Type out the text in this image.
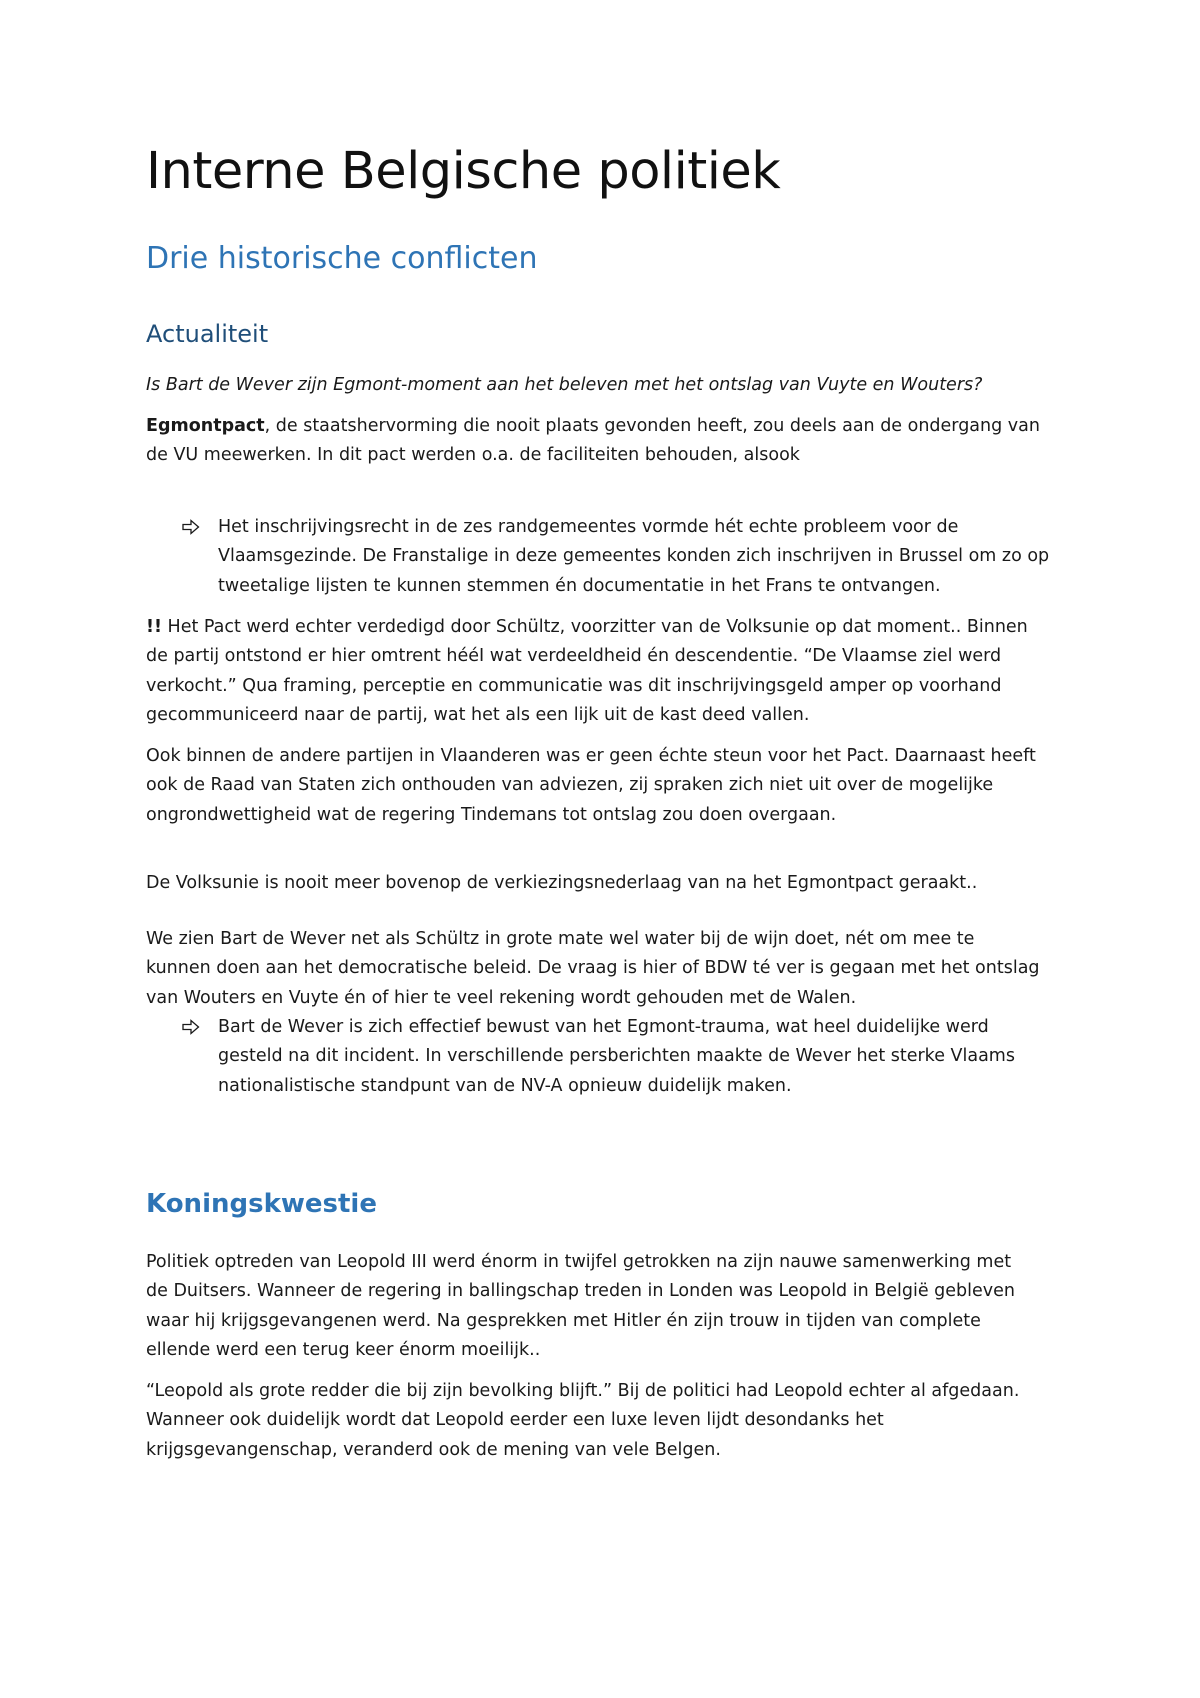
Interne Belgische politiek
Drie historische conflicten
Actualiteit
Is Bart de Wever zijn Egmont-moment aan het beleven met het ontslag van Vuyte en Wouters?
Egmontpact, de staatshervorming die nooit plaats gevonden heeft, zou deels aan de ondergang van
de VU meewerken. In dit pact werden o.a. de faciliteiten behouden, alsook
Het inschrijvingsrecht in de zes randgemeentes vormde hét echte probleem voor de
Vlaamsgezinde. De Franstalige in deze gemeentes konden zich inschrijven in Brussel om zo op
tweetalige lijsten te kunnen stemmen én documentatie in het Frans te ontvangen.
!! Het Pact werd echter verdedigd door Schültz, voorzitter van de Volksunie op dat moment.. Binnen
de partij ontstond er hier omtrent hééI wat verdeeldheid én descendentie. “De Vlaamse ziel werd
verkocht.” Qua framing, perceptie en communicatie was dit inschrijvingsgeld amper op voorhand
gecommuniceerd naar de partij, wat het als een lijk uit de kast deed vallen.
Ook binnen de andere partijen in Vlaanderen was er geen échte steun voor het Pact. Daarnaast heeft
ook de Raad van Staten zich onthouden van adviezen, zij spraken zich niet uit over de mogelijke
ongrondwettigheid wat de regering Tindemans tot ontslag zou doen overgaan.
De Volksunie is nooit meer bovenop de verkiezingsnederlaag van na het Egmontpact geraakt..
We zien Bart de Wever net als Schültz in grote mate wel water bij de wijn doet, nét om mee te
kunnen doen aan het democratische beleid. De vraag is hier of BDW té ver is gegaan met het ontslag
van Wouters en Vuyte én of hier te veel rekening wordt gehouden met de Walen.
Bart de Wever is zich effectief bewust van het Egmont-trauma, wat heel duidelijke werd
gesteld na dit incident. In verschillende persberichten maakte de Wever het sterke Vlaams
nationalistische standpunt van de NV-A opnieuw duidelijk maken.
Koningskwestie
Politiek optreden van Leopold III werd énorm in twijfel getrokken na zijn nauwe samenwerking met
de Duitsers. Wanneer de regering in ballingschap treden in Londen was Leopold in België gebleven
waar hij krijgsgevangenen werd. Na gesprekken met Hitler én zijn trouw in tijden van complete
ellende werd een terug keer énorm moeilijk..
“Leopold als grote redder die bij zijn bevolking blijft.” Bij de politici had Leopold echter al afgedaan.
Wanneer ook duidelijk wordt dat Leopold eerder een luxe leven lijdt desondanks het
krijgsgevangenschap, veranderd ook de mening van vele Belgen.
